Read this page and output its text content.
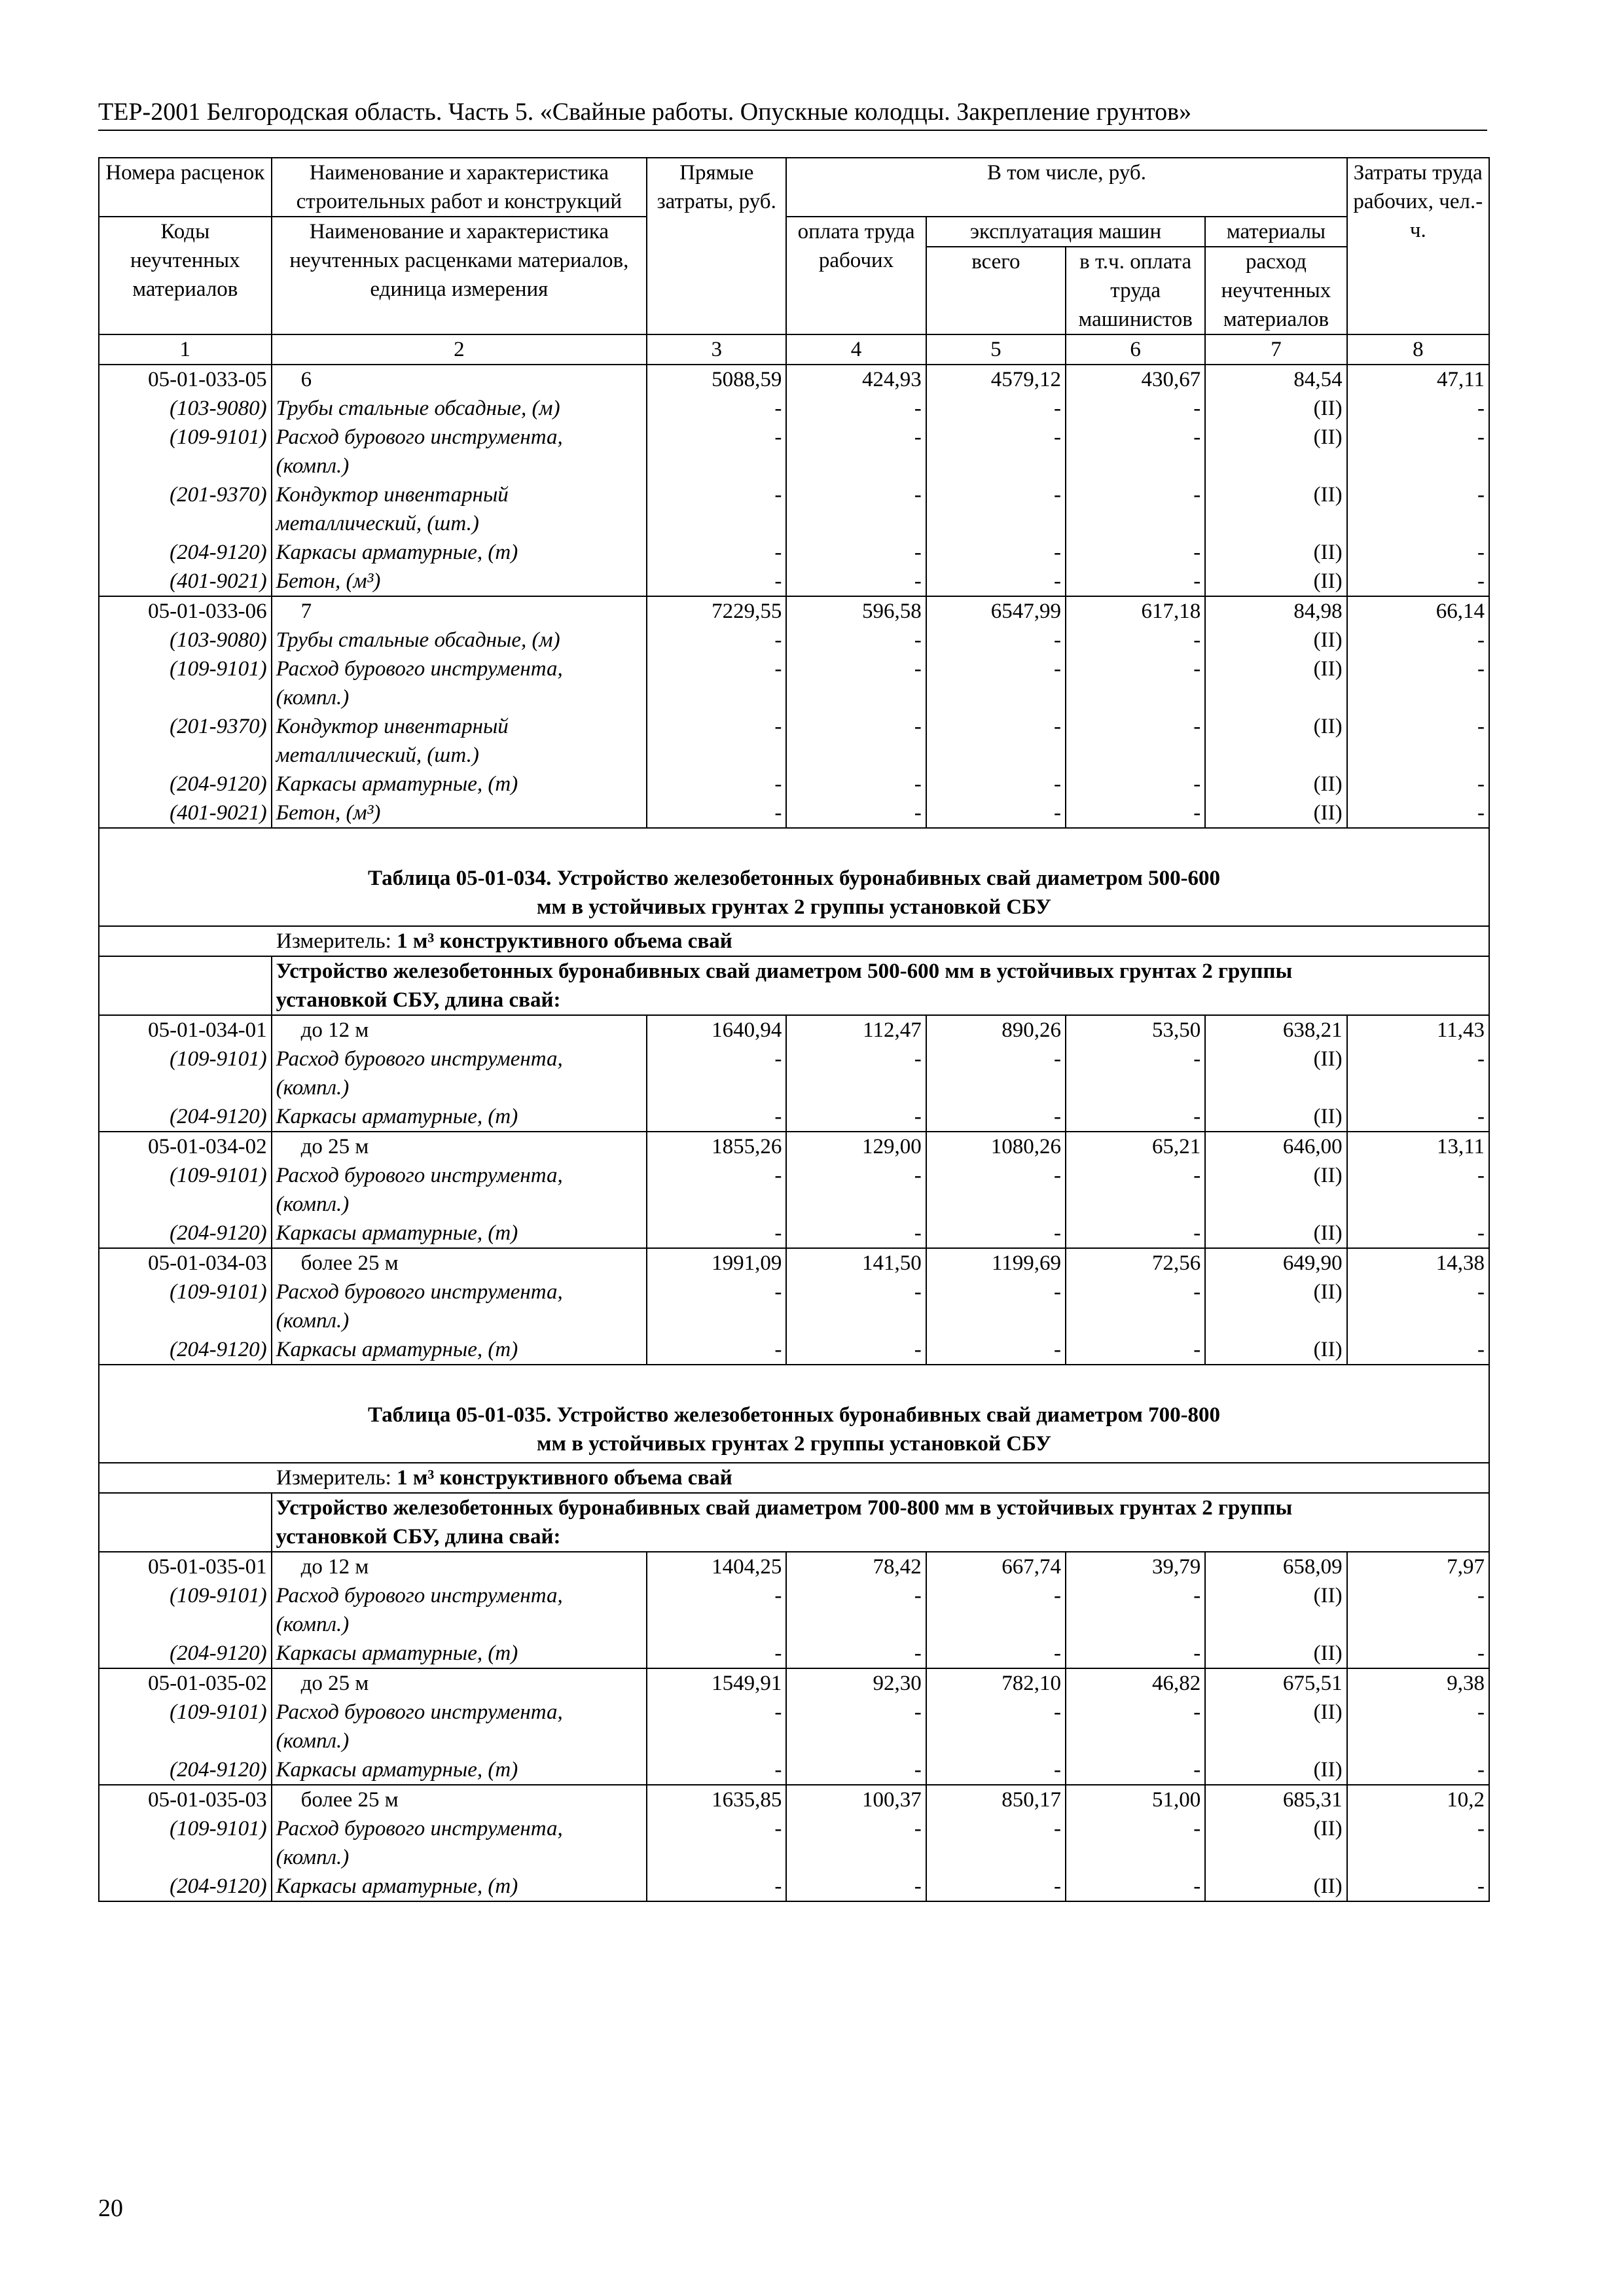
ТЕР-2001 Белгородская область. Часть 5. «Свайные работы. Опускные колодцы. Закрепление грунтов»
Номера расценок	Наименование и характеристика строительных работ и конструкций	Прямые затраты, руб.	В том числе, руб.				Затраты труда рабочих, чел.-ч.
Коды неучтенных материалов	Наименование и характеристика неучтенных расценками материалов, единица измерения		оплата труда рабочих	эксплуатация машин		материалы	
				всего	в т.ч. оплата труда машинистов	расход неучтенных материалов	
1	2	3	4	5	6	7	8
05-01-033-05	6	5088,59	424,93	4579,12	430,67	84,54	47,11
(103-9080)	Трубы стальные обсадные, (м)	-	-	-	-	(II)	-
(109-9101)	Расход бурового инструмента,	-	-	-	-	(II)	-
	(компл.)						
(201-9370)	Кондуктор инвентарный	-	-	-	-	(II)	-
	металлический, (шт.)						
(204-9120)	Каркасы арматурные, (т)	-	-	-	-	(II)	-
(401-9021)	Бетон, (м³)	-	-	-	-	(II)	-
05-01-033-06	7	7229,55	596,58	6547,99	617,18	84,98	66,14
(103-9080)	Трубы стальные обсадные, (м)	-	-	-	-	(II)	-
(109-9101)	Расход бурового инструмента,	-	-	-	-	(II)	-
	(компл.)						
(201-9370)	Кондуктор инвентарный	-	-	-	-	(II)	-
	металлический, (шт.)						
(204-9120)	Каркасы арматурные, (т)	-	-	-	-	(II)	-
(401-9021)	Бетон, (м³)	-	-	-	-	(II)	-

Таблица 05-01-034. Устройство железобетонных буронабивных свай диаметром 500-600
мм в устойчивых грунтах 2 группы установкой СБУ							

Измеритель: 1 м³ конструктивного объема свай							

	Устройство железобетонных буронабивных свай диаметром 500-600 мм в устойчивых грунтах 2 группы
установкой СБУ, длина свай:						

05-01-034-01	до 12 м	1640,94	112,47	890,26	53,50	638,21	11,43
(109-9101)	Расход бурового инструмента,	-	-	-	-	(II)	-
	(компл.)						
(204-9120)	Каркасы арматурные, (т)	-	-	-	-	(II)	-
05-01-034-02	до 25 м	1855,26	129,00	1080,26	65,21	646,00	13,11
(109-9101)	Расход бурового инструмента,	-	-	-	-	(II)	-
	(компл.)						
(204-9120)	Каркасы арматурные, (т)	-	-	-	-	(II)	-
05-01-034-03	более 25 м	1991,09	141,50	1199,69	72,56	649,90	14,38
(109-9101)	Расход бурового инструмента,	-	-	-	-	(II)	-
	(компл.)						
(204-9120)	Каркасы арматурные, (т)	-	-	-	-	(II)	-

Таблица 05-01-035. Устройство железобетонных буронабивных свай диаметром 700-800
мм в устойчивых грунтах 2 группы установкой СБУ							

Измеритель: 1 м³ конструктивного объема свай							

	Устройство железобетонных буронабивных свай диаметром 700-800 мм в устойчивых грунтах 2 группы
установкой СБУ, длина свай:						

05-01-035-01	до 12 м	1404,25	78,42	667,74	39,79	658,09	7,97
(109-9101)	Расход бурового инструмента,	-	-	-	-	(II)	-
	(компл.)						
(204-9120)	Каркасы арматурные, (т)	-	-	-	-	(II)	-
05-01-035-02	до 25 м	1549,91	92,30	782,10	46,82	675,51	9,38
(109-9101)	Расход бурового инструмента,	-	-	-	-	(II)	-
	(компл.)						
(204-9120)	Каркасы арматурные, (т)	-	-	-	-	(II)	-
05-01-035-03	более 25 м	1635,85	100,37	850,17	51,00	685,31	10,2
(109-9101)	Расход бурового инструмента,	-	-	-	-	(II)	-
	(компл.)						
(204-9120)	Каркасы арматурные, (т)	-	-	-	-	(II)	-
20
